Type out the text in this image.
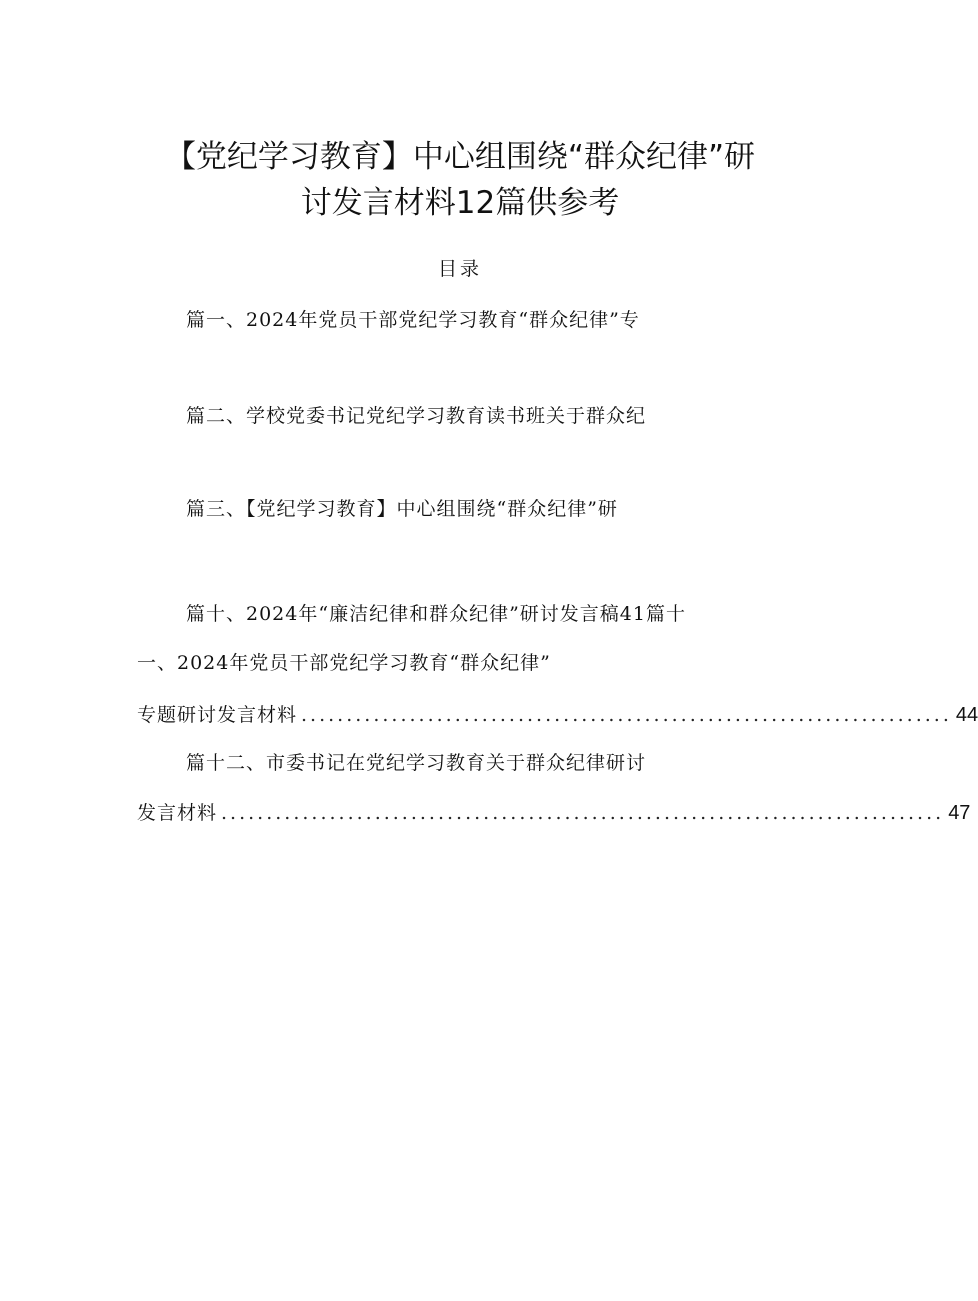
【党纪学习教育】中心组围绕“群众纪律”研
讨发言材料12篇供参考
目录
篇一、2024年党员干部党纪学习教育“群众纪律”专
篇二、学校党委书记党纪学习教育读书班关于群众纪
篇三、【党纪学习教育】中心组围绕“群众纪律”研
篇十、2024年“廉洁纪律和群众纪律”研讨发言稿41篇十
一、2024年党员干部党纪学习教育“群众纪律”
专题研讨发言材料 ........................................................................ 44
篇十二、市委书记在党纪学习教育关于群众纪律研讨
发言材料 ................................................................................ 47
